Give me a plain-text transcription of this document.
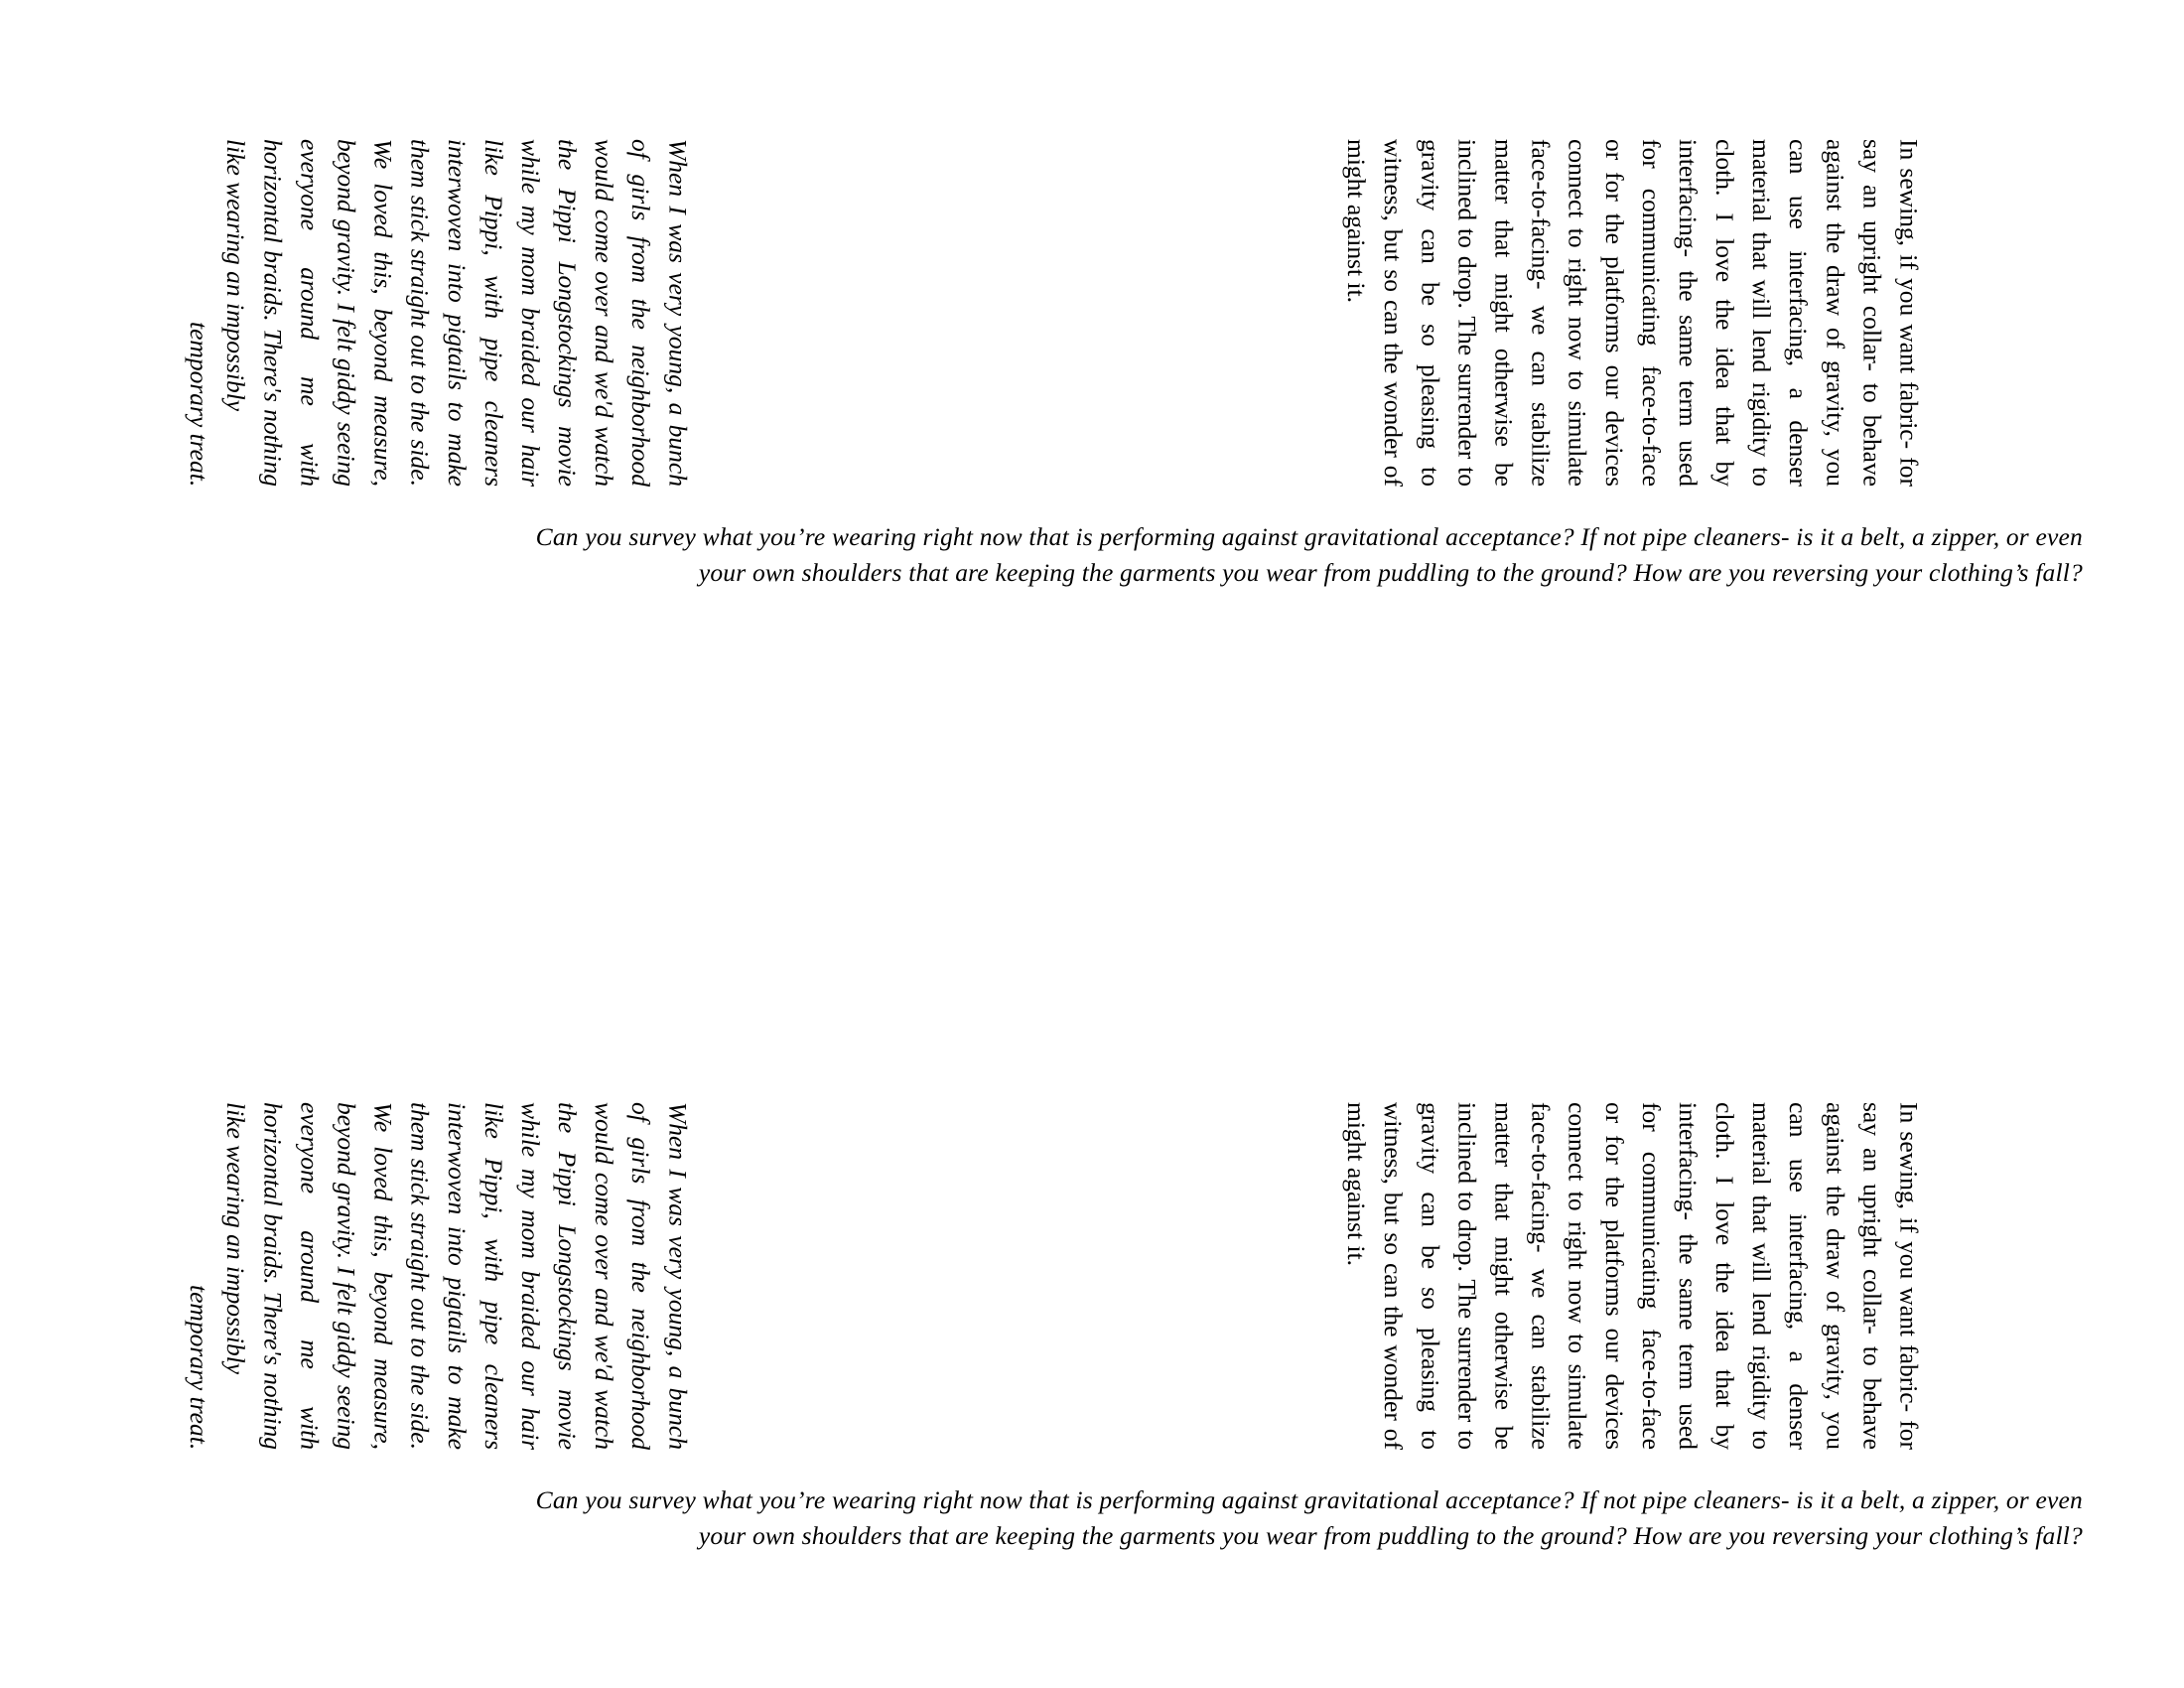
In sewing, if you want fabric- for say an upright collar- to behave against the draw of gravity, you can use interfacing, a denser material that will lend rigidity to cloth. I love the idea that by interfacing- the same term used for communicating face-to-face or for the platforms our devices connect to right now to simulate face-to-facing- we can stabilize matter that might otherwise be inclined to drop. The surrender to gravity can be so pleasing to witness, but so can the wonder of might against it.

When I was very young, a bunch of girls from the neighborhood would come over and we'd watch the Pippi Longstockings movie while my mom braided our hair like Pippi, with pipe cleaners interwoven into pigtails to make them stick straight out to the side. We loved this, beyond measure, beyond gravity. I felt giddy seeing everyone around me with horizontal braids. There's nothing like wearing an impossibly
temporary treat.

Can you survey what you’re wearing right now that is performing against gravitational acceptance? If not pipe cleaners- is it a belt, a zipper, or even
your own shoulders that are keeping the garments you wear from puddling to the ground? How are you reversing your clothing’s fall?

In sewing, if you want fabric- for say an upright collar- to behave against the draw of gravity, you can use interfacing, a denser material that will lend rigidity to cloth. I love the idea that by interfacing- the same term used for communicating face-to-face or for the platforms our devices connect to right now to simulate face-to-facing- we can stabilize matter that might otherwise be inclined to drop. The surrender to gravity can be so pleasing to witness, but so can the wonder of might against it.

When I was very young, a bunch of girls from the neighborhood would come over and we'd watch the Pippi Longstockings movie while my mom braided our hair like Pippi, with pipe cleaners interwoven into pigtails to make them stick straight out to the side. We loved this, beyond measure, beyond gravity. I felt giddy seeing everyone around me with horizontal braids. There's nothing like wearing an impossibly
temporary treat.

Can you survey what you’re wearing right now that is performing against gravitational acceptance? If not pipe cleaners- is it a belt, a zipper, or even
your own shoulders that are keeping the garments you wear from puddling to the ground? How are you reversing your clothing’s fall?
